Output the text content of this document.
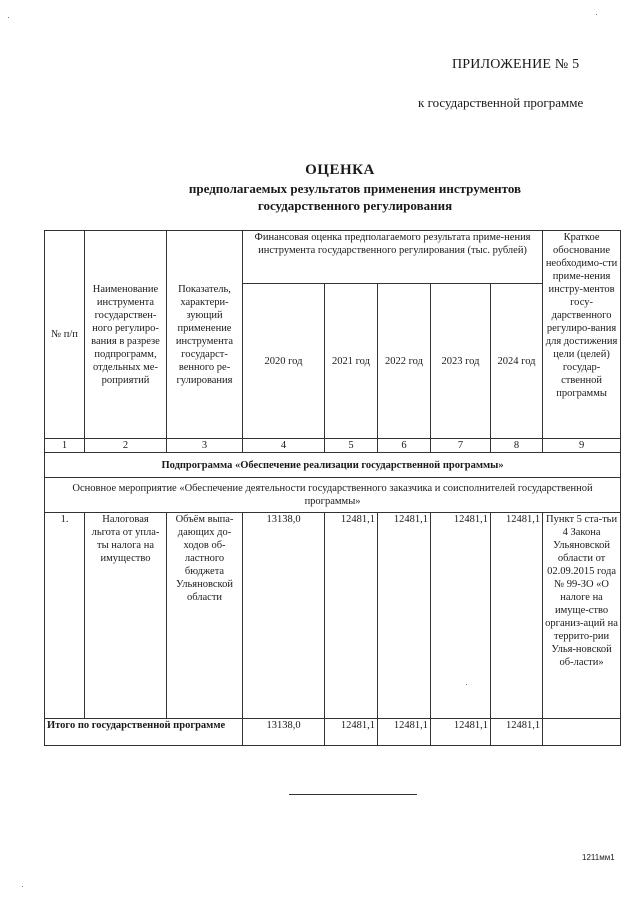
ПРИЛОЖЕНИЕ № 5
к государственной программе
ОЦЕНКА
предполагаемых результатов применения инструментов государственного регулирования
№ п/п	Наименование инструмента государствен-ного регулиро-вания в разрезе подпрограмм, отдельных ме-роприятий	Показатель, характери-зующий применение инструмента государст-венного ре-гулирования	Финансовая оценка предполагаемого результата приме-нения инструмента государственного регулирования (тыс. рублей)					Краткое обоснование необходимо-сти приме-нения инстру-ментов госу-дарственного регулиро-вания для достижения цели (целей) государ-ственной программы
			2020 год	2021 год	2022 год	2023 год	2024 год	
1	2	3	4	5	6	7	8	9
Подпрограмма «Обеспечение реализации государственной программы»								
Основное мероприятие «Обеспечение деятельности государственного заказчика и соисполнителей государственной программы»								
1.	Налоговая льгота от упла-ты налога на имущество	Объём выпа-дающих до-ходов об-ластного бюджета Ульяновской области	13138,0	12481,1	12481,1	12481,1	12481,1	Пункт 5 ста-тьи 4 Закона Ульяновской области от 02.09.2015 года № 99-ЗО «О налоге на имуще-ство организ-аций на террито-рии Улья-новской об-ласти»
Итого по государственной программе			13138,0	12481,1	12481,1	12481,1	12481,1	
1211мм1
